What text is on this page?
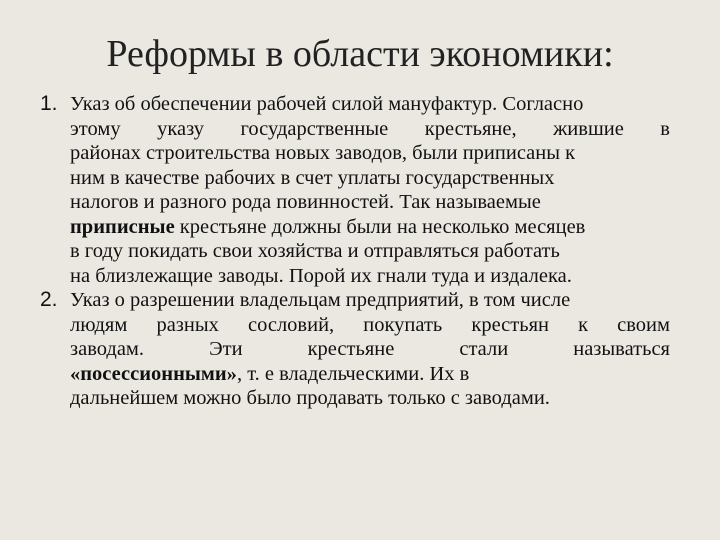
Реформы в области экономики:
1. Указ об обеспечении рабочей силой мануфактур. Согласно
этому указу государственные крестьяне, жившие в
районах строительства новых заводов, были приписаны к
ним в качестве рабочих в счет уплаты государственных
налогов и разного рода повинностей. Так называемые
приписные крестьяне должны были на несколько месяцев
в году покидать свои хозяйства и отправляться работать
на близлежащие заводы. Порой их гнали туда и издалека.
2. Указ о разрешении владельцам предприятий, в том числе
людям разных сословий, покупать крестьян к своим
заводам.	Эти	крестьяне	стали	называться
«посессионными», т. е владельческими. Их в
дальнейшем можно было продавать только с заводами.
